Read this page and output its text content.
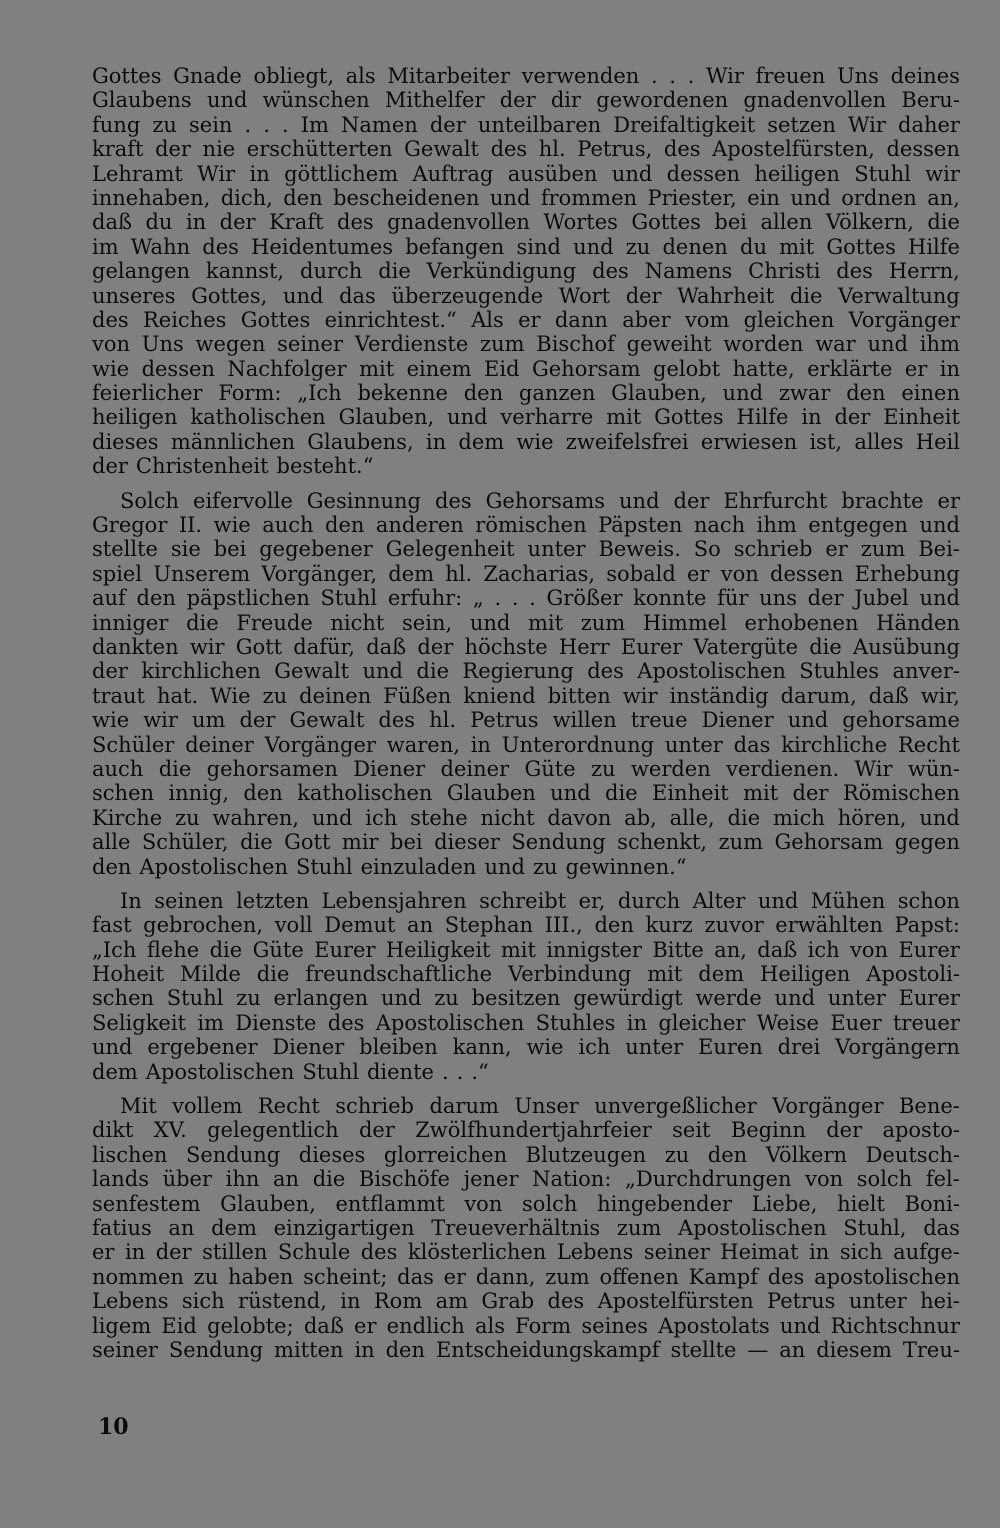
Gottes Gnade obliegt, als Mitarbeiter verwenden . . . Wir freuen Uns deines
Glaubens und wünschen Mithelfer der dir gewordenen gnadenvollen Beru-
fung zu sein . . . Im Namen der unteilbaren Dreifaltigkeit setzen Wir daher
kraft der nie erschütterten Gewalt des hl. Petrus, des Apostelfürsten, dessen
Lehramt Wir in göttlichem Auftrag ausüben und dessen heiligen Stuhl wir
innehaben, dich, den bescheidenen und frommen Priester, ein und ordnen an,
daß du in der Kraft des gnadenvollen Wortes Gottes bei allen Völkern, die
im Wahn des Heidentumes befangen sind und zu denen du mit Gottes Hilfe
gelangen kannst, durch die Verkündigung des Namens Christi des Herrn,
unseres Gottes, und das überzeugende Wort der Wahrheit die Verwaltung
des Reiches Gottes einrichtest.“ Als er dann aber vom gleichen Vorgänger
von Uns wegen seiner Verdienste zum Bischof geweiht worden war und ihm
wie dessen Nachfolger mit einem Eid Gehorsam gelobt hatte, erklärte er in
feierlicher Form: „Ich bekenne den ganzen Glauben, und zwar den einen
heiligen katholischen Glauben, und verharre mit Gottes Hilfe in der Einheit
dieses männlichen Glaubens, in dem wie zweifelsfrei erwiesen ist, alles Heil
der Christenheit besteht.“
Solch eifervolle Gesinnung des Gehorsams und der Ehrfurcht brachte er
Gregor II. wie auch den anderen römischen Päpsten nach ihm entgegen und
stellte sie bei gegebener Gelegenheit unter Beweis. So schrieb er zum Bei-
spiel Unserem Vorgänger, dem hl. Zacharias, sobald er von dessen Erhebung
auf den päpstlichen Stuhl erfuhr: „ . . . Größer konnte für uns der Jubel und
inniger die Freude nicht sein, und mit zum Himmel erhobenen Händen
dankten wir Gott dafür, daß der höchste Herr Eurer Vatergüte die Ausübung
der kirchlichen Gewalt und die Regierung des Apostolischen Stuhles anver-
traut hat. Wie zu deinen Füßen kniend bitten wir inständig darum, daß wir,
wie wir um der Gewalt des hl. Petrus willen treue Diener und gehorsame
Schüler deiner Vorgänger waren, in Unterordnung unter das kirchliche Recht
auch die gehorsamen Diener deiner Güte zu werden verdienen. Wir wün-
schen innig, den katholischen Glauben und die Einheit mit der Römischen
Kirche zu wahren, und ich stehe nicht davon ab, alle, die mich hören, und
alle Schüler, die Gott mir bei dieser Sendung schenkt, zum Gehorsam gegen
den Apostolischen Stuhl einzuladen und zu gewinnen.“
In seinen letzten Lebensjahren schreibt er, durch Alter und Mühen schon
fast gebrochen, voll Demut an Stephan III., den kurz zuvor erwählten Papst:
„Ich flehe die Güte Eurer Heiligkeit mit innigster Bitte an, daß ich von Eurer
Hoheit Milde die freundschaftliche Verbindung mit dem Heiligen Apostoli-
schen Stuhl zu erlangen und zu besitzen gewürdigt werde und unter Eurer
Seligkeit im Dienste des Apostolischen Stuhles in gleicher Weise Euer treuer
und ergebener Diener bleiben kann, wie ich unter Euren drei Vorgängern
dem Apostolischen Stuhl diente . . .“
Mit vollem Recht schrieb darum Unser unvergeßlicher Vorgänger Bene-
dikt XV. gelegentlich der Zwölfhundertjahrfeier seit Beginn der aposto-
lischen Sendung dieses glorreichen Blutzeugen zu den Völkern Deutsch-
lands über ihn an die Bischöfe jener Nation: „Durchdrungen von solch fel-
senfestem Glauben, entflammt von solch hingebender Liebe, hielt Boni-
fatius an dem einzigartigen Treueverhältnis zum Apostolischen Stuhl, das
er in der stillen Schule des klösterlichen Lebens seiner Heimat in sich aufge-
nommen zu haben scheint; das er dann, zum offenen Kampf des apostolischen
Lebens sich rüstend, in Rom am Grab des Apostelfürsten Petrus unter hei-
ligem Eid gelobte; daß er endlich als Form seines Apostolats und Richtschnur
seiner Sendung mitten in den Entscheidungskampf stellte — an diesem Treu-
10
